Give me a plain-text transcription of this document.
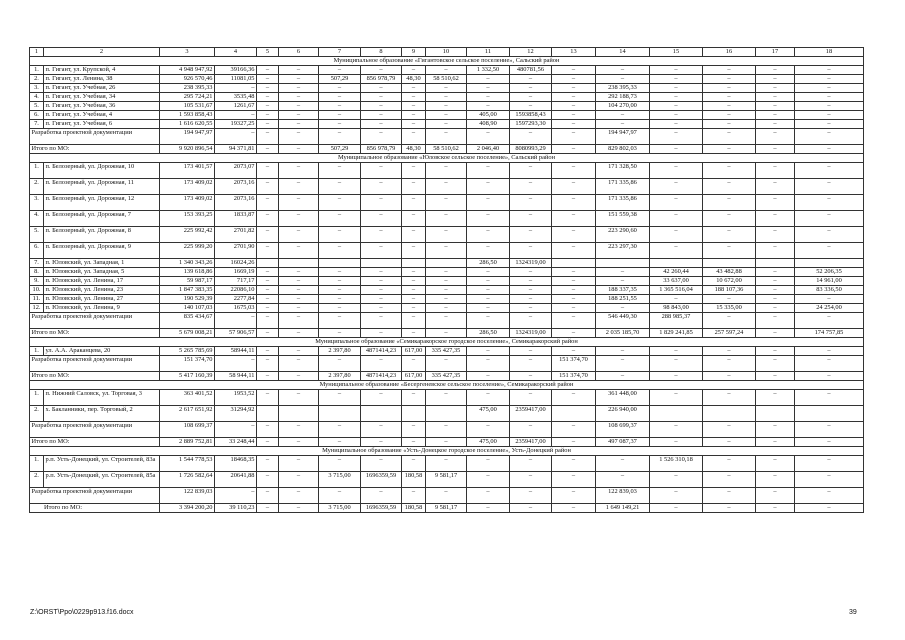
1	2	3	4	5	6	7	8	9	10	11	12	13	14	15	16	17	18
Муниципальное образование «Гигантовское сельское поселение», Сальский район																	
1.	п. Гигант, ул. Крупской, 4	4 948 947,92	39166,36	–	–	–	–	–	–	1 332,50	480781,56	–	–	–	–	–	–
2.	п. Гигант, ул. Ленина, 38	926 570,46	11081,05	–	–	507,29	856 978,79	48,30	58 510,62	–	–	–	–	–	–	–	–
3.	п. Гигант, ул. Учебная, 26	238 395,33	–	–	–	–	–	–	–	–	–	–	238 395,33	–	–	–	–
4.	п. Гигант, ул. Учебная, 34	295 724,21	3535,48	–	–	–	–	–	–	–	–	–	292 188,73	–	–	–	–
5.	п. Гигант, ул. Учебная, 36	105 531,67	1261,67	–	–	–	–	–	–	–	–	–	104 270,00	–	–	–	–
6.	п. Гигант, ул. Учебная, 4	1 593 858,43	–	–	–	–	–	–	–	405,00	1593858,43	–	–	–	–	–	–
7.	п. Гигант, ул. Учебная, 6	1 616 620,55	19327,25	–	–	–	–	–	–	408,90	1597293,30	–	–	–	–	–	–
Разработка проектной документации		194 947,97	–	–	–	–	–	–	–	–	–	–	194 947,97	–	–	–	–
Итого по МО:		9 920 896,54	94 371,81	–	–	507,29	856 978,79	48,30	58 510,62	2 046,40	8080993,29	–	829 802,03	–	–	–	–
Муниципальное образование «Юловское сельское поселение», Сальский район																	
1.	п. Белозерный, ул. Дорожная, 10	173 401,57	2073,07	–	–	–	–	–	–	–	–	–	171 328,50	–	–	–	–
2.	п. Белозерный, ул. Дорожная, 11	173 409,02	2073,16	–	–	–	–	–	–	–	–	–	171 335,86	–	–	–	–
3.	п. Белозерный, ул. Дорожная, 12	173 409,02	2073,16	–	–	–	–	–	–	–	–	–	171 335,86	–	–	–	–
4.	п. Белозерный, ул. Дорожная, 7	153 393,25	1833,87	–	–	–	–	–	–	–	–	–	151 559,38	–	–	–	–
5.	п. Белозерный, ул. Дорожная, 8	225 992,42	2701,82	–	–	–	–	–	–	–	–	–	223 290,60	–	–	–	–
6.	п. Белозерный, ул. Дорожная, 9	225 999,20	2701,90	–	–	–	–	–	–	–	–	–	223 297,30	–	–	–	–
7.	п. Юловский, ул. Западная, 1	1 340 343,26	16024,26							286,50	1324319,00						
8.	п. Юловский, ул. Западная, 5	139 618,86	1669,19	–	–	–	–	–	–	–	–	–	–	42 260,44	43 482,88	–	52 206,35
9.	п. Юловский, ул. Ленина, 17	59 987,17	717,17	–	–	–	–	–	–	–	–	–	–	33 637,00	10 672,00	–	14 961,00
10.	п. Юловский, ул. Ленина, 23	1 847 383,35	22086,10	–	–	–	–	–	–	–	–	–	188 337,35	1 365 516,04	188 107,36	–	83 336,50
11.	п. Юловский, ул. Ленина, 27	190 529,39	2277,84	–	–	–	–	–	–	–	–	–	188 251,55	–	–	–	–
12.	п. Юловский, ул. Ленина, 9	140 107,03	1675,03	–	–	–	–	–	–	–	–	–	–	98 843,00	15 335,00	–	24 254,00
Разработка проектной документации		835 434,67	–	–	–	–	–	–	–	–	–	–	546 449,30	288 985,37	–	–	–
Итого по МО:		5 679 008,21	57 906,57	–	–	–	–	–	–	286,50	1324319,00	–	2 035 185,70	1 829 241,85	257 597,24	–	174 757,85
Муниципальное образование «Семикаракорское городское поселение», Семикаракорский район																	
1.	ул. А.А. Араканцева, 20	5 265 785,69	58944,11	–	–	2 397,80	4871414,23	617,00	335 427,35	–	–	–	–	–	–	–	–
Разработка проектной документации		151 374,70	–	–	–	–	–	–	–	–	–	151 374,70	–	–	–	–	–
Итого по МО:		5 417 160,39	58 944,11	–	–	2 397,80	4871414,23	617,00	335 427,35	–	–	151 374,70	–	–	–	–	–
Муниципальное образование «Бесергеневское сельское поселение», Семикаракорский район																	
1.	п. Нижний Саловск, ул. Торговая, 3	363 401,52	1953,52	–	–	–	–	–	–	–	–	–	361 448,00	–	–	–	–
2.	х. Бакланники, пер. Торговый, 2	2 617 651,92	31294,92							475,00	2359417,00		226 940,00				
Разработка проектной документации		108 699,37	–	–	–	–	–	–	–	–	–	–	108 699,37	–	–	–	–
Итого по МО:		2 889 752,81	33 248,44	–	–	–	–	–	–	475,00	2359417,00	–	497 087,37	–	–	–	–
Муниципальное образование «Усть-Донецкое городское поселение», Усть-Донецкий район																	
1.	р.п. Усть-Донецкий, ул. Строителей, 83а	1 544 778,53	18468,35	–	–	–	–	–	–	–	–	–	–	1 526 310,18	–	–	–
2.	р.п. Усть-Донецкий, ул. Строителей, 85а	1 726 582,64	20641,88	–	–	3 715,00	1696359,59	180,58	9 581,17	–	–	–	–	–	–	–	–
Разработка проектной документации		122 839,03	–	–	–	–	–	–	–	–	–	–	122 839,03	–	–	–	–
Итого по МО:		3 394 200,20	39 110,23	–	–	3 715,00	1696359,59	180,58	9 581,17	–	–	–	1 649 149,21	–	–	–	–
Z:\ORST\Ppo\0229p913.f16.docx	39
